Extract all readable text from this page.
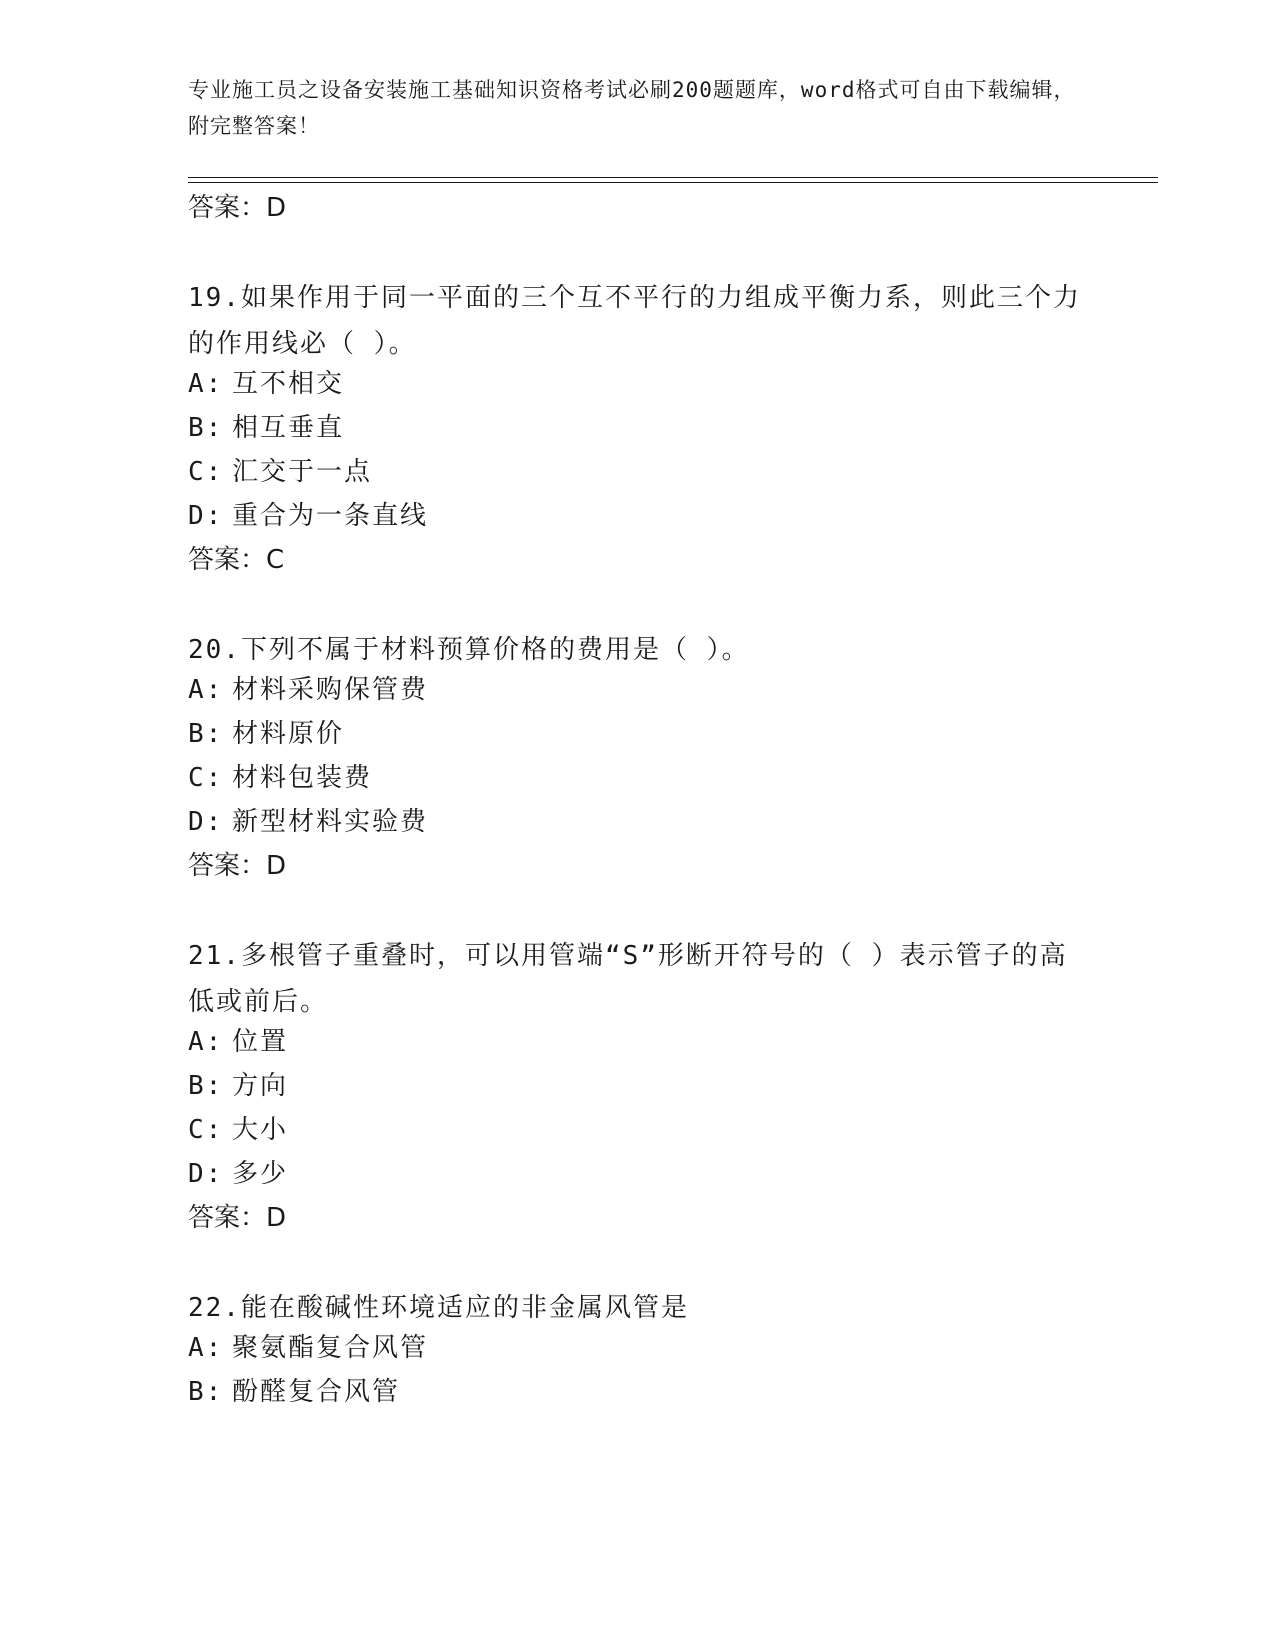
专业施工员之设备安装施工基础知识资格考试必刷200题题库，word格式可自由下载编辑，附完整答案！
答案：D
19.如果作用于同一平面的三个互不平行的力组成平衡力系，则此三个力的作用线必（ ）。
A: 互不相交
B: 相互垂直
C: 汇交于一点
D: 重合为一条直线
答案：C
20.下列不属于材料预算价格的费用是（ ）。
A: 材料采购保管费
B: 材料原价
C: 材料包装费
D: 新型材料实验费
答案：D
21.多根管子重叠时，可以用管端“S”形断开符号的（ ）表示管子的高低或前后。
A: 位置
B: 方向
C: 大小
D: 多少
答案：D
22.能在酸碱性环境适应的非金属风管是
A: 聚氨酯复合风管
B: 酚醛复合风管
